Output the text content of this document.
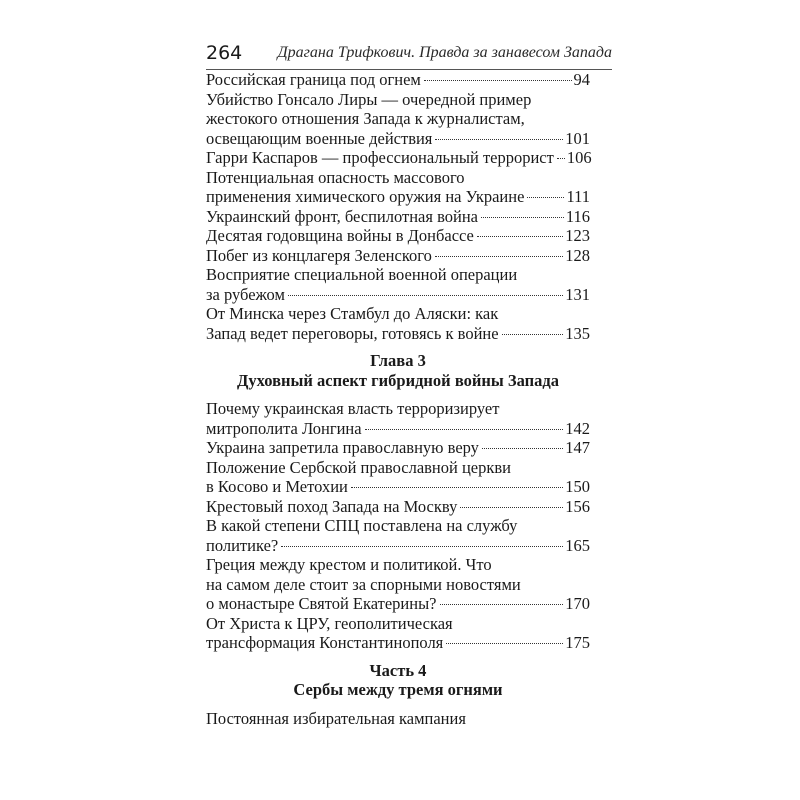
264 Драгана Трифкович. Правда за занавесом Запада
Российская граница под огнем	94
Убийство Гонсало Лиры — очередной пример
жестокого отношения Запада к журналистам,
освещающим военные действия	101
Гарри Каспаров — профессиональный террорист 106
Потенциальная опасность массового
применения химического оружия на Украине	111
Украинский фронт, беспилотная война	116
Десятая годовщина войны в Донбассе	123
Побег из концлагеря Зеленского	128
Восприятие специальной военной операции
за рубежом	131
От Минска через Стамбул до Аляски: как
Запад ведет переговоры, готовясь к войне	135
Глава 3
Духовный аспект гибридной войны Запада
Почему украинская власть терроризирует
митрополита Лонгина	142
Украина запретила православную веру	147
Положение Сербской православной церкви
в Косово и Метохии	150
Крестовый поход Запада на Москву	156
В какой степени СПЦ поставлена на службу
политике?	165
Греция между крестом и политикой. Что
на самом деле стоит за спорными новостями
о монастыре Святой Екатерины?	170
От Христа к ЦРУ, геополитическая
трансформация Константинополя	175
Часть 4
Сербы между тремя огнями
Постоянная избирательная кампания
